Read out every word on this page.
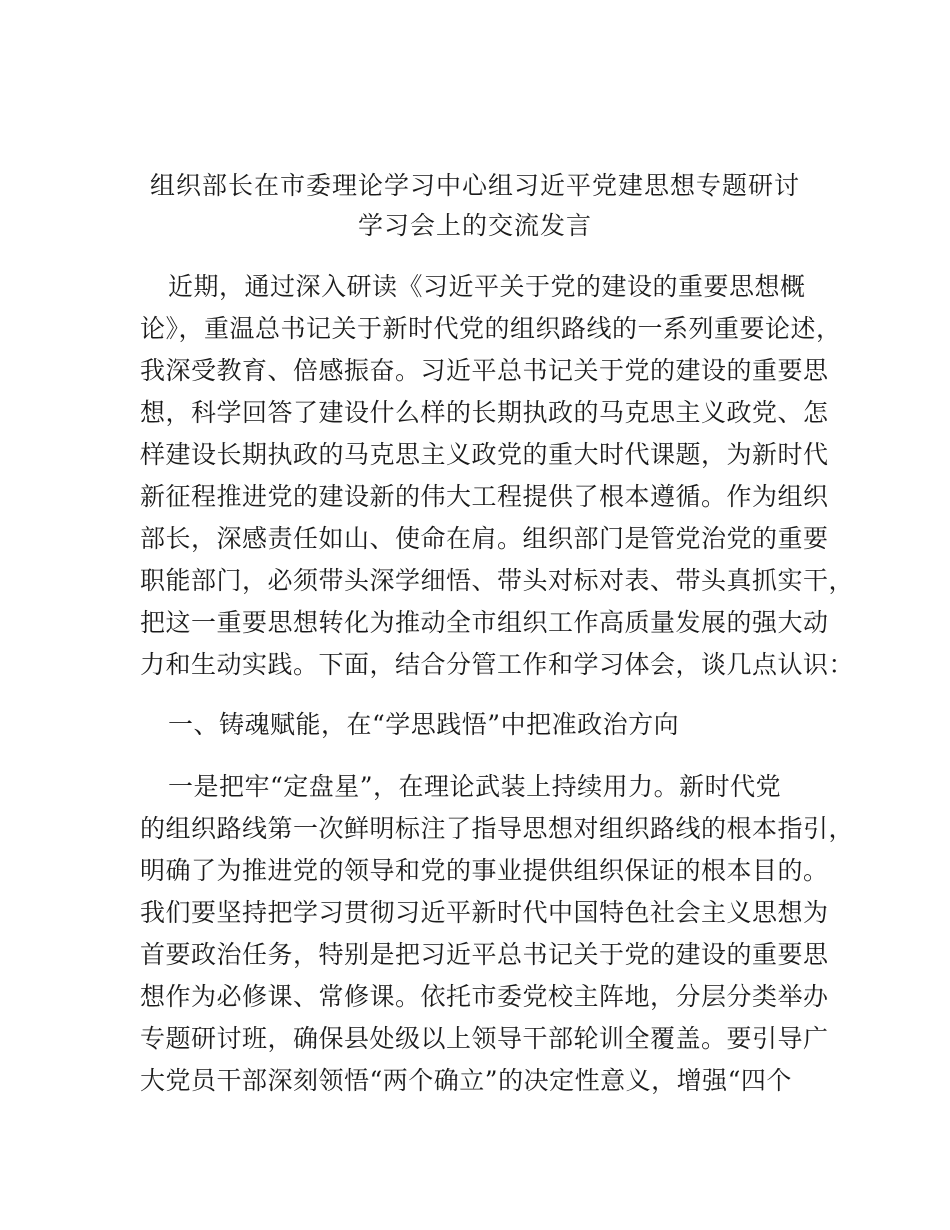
组织部长在市委理论学习中心组习近平党建思想专题研讨
学习会上的交流发言
近期，通过深入研读《习近平关于党的建设的重要思想概
论》，重温总书记关于新时代党的组织路线的一系列重要论述，
我深受教育、倍感振奋。习近平总书记关于党的建设的重要思
想，科学回答了建设什么样的长期执政的马克思主义政党、怎
样建设长期执政的马克思主义政党的重大时代课题，为新时代
新征程推进党的建设新的伟大工程提供了根本遵循。作为组织
部长，深感责任如山、使命在肩。组织部门是管党治党的重要
职能部门，必须带头深学细悟、带头对标对表、带头真抓实干，
把这一重要思想转化为推动全市组织工作高质量发展的强大动
力和生动实践。下面，结合分管工作和学习体会，谈几点认识：
一、铸魂赋能，在“学思践悟”中把准政治方向
一是把牢“定盘星”，在理论武装上持续用力。新时代党
的组织路线第一次鲜明标注了指导思想对组织路线的根本指引，
明确了为推进党的领导和党的事业提供组织保证的根本目的。
我们要坚持把学习贯彻习近平新时代中国特色社会主义思想为
首要政治任务，特别是把习近平总书记关于党的建设的重要思
想作为必修课、常修课。依托市委党校主阵地，分层分类举办
专题研讨班，确保县处级以上领导干部轮训全覆盖。要引导广
大党员干部深刻领悟“两个确立”的决定性意义，增强“四个
